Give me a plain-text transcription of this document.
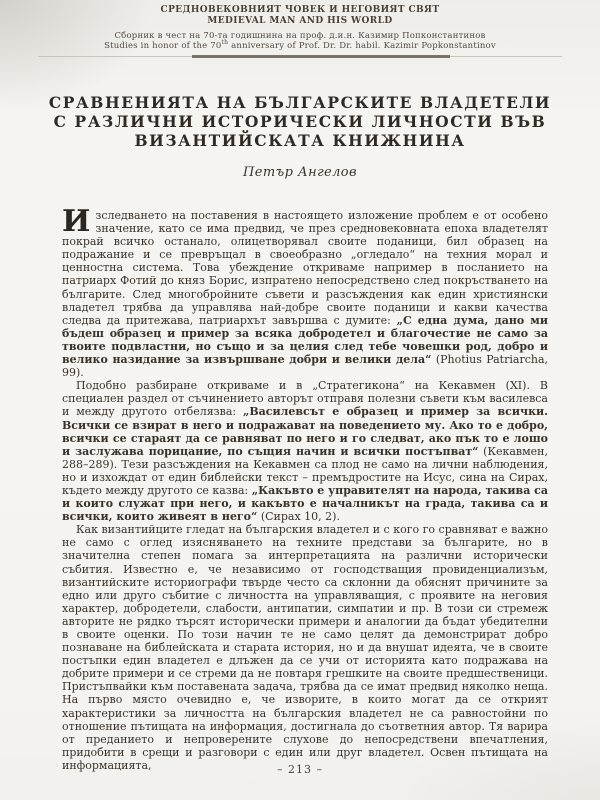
СРЕДНОВЕКОВНИЯТ ЧОВЕК И НЕГОВИЯТ СВЯТ
MEDIEVAL MAN AND HIS WORLD
Сборник в чест на 70-та годишнина на проф. д.и.н. Казимир Попконстантинов
Studies in honor of the 70th anniversary of Prof. Dr. Dr. habil. Kazimir Popkonstantinov
СРАВНЕНИЯТА НА БЪЛГАРСКИТЕ ВЛАДЕТЕЛИ
С РАЗЛИЧНИ ИСТОРИЧЕСКИ ЛИЧНОСТИ ВЪВ
ВИЗАНТИЙСКАТА КНИЖНИНА
Петър Ангелов

Изследването на поставения в настоящето изложение проблем е от особено значение, като се има предвид, че през средновековната епоха владетелят покрай всичко останало, олицетворявал своите поданици, бил образец на подражание и се превръщал в своеобразно „огледало“ на техния морал и ценностна система. Това убеждение откриваме например в посланието на патриарх Фотий до княз Борис, изпратено непосредствено след покръстването на българите. След многобройните съвети и разсъждения как един християнски владетел трябва да управлява най-добре своите поданици и какви качества следва да притежава, патриархът завършва с думите: „С една дума, дано ми бъдеш образец и пример за всяка добродетел и благочестие не само за твоите подвластни, но също и за целия след тебе човешки род, добро и велико назидание за извършване добри и велики дела“ (Photius Patriarcha, 99).

Подобно разбиране откриваме и в „Стратегикона“ на Кекавмен (XI). В специален раздел от съчинението авторът отправя полезни съвети към василевса и между другото отбелязва: „Василевсът е образец и пример за всички. Всички се взират в него и подражават на поведението му. Ако то е добро, всички се стараят да се равняват по него и го следват, ако пък то е лошо и заслужава порицание, по същия начин и всички постъпват“ (Кекавмен, 288–289). Тези разсъждения на Кекавмен са плод не само на лични наблюдения, но и изхождат от един библейски текст – премъдростите на Исус, сина на Сирах, където между другото се казва: „Какъвто е управителят на народа, такива са и които служат при него, и какъвто е началникът на града, такива са и всички, които живеят в него“ (Сирах 10, 2).

Как византийците гледат на българския владетел и с кого го сравняват е важно не само с оглед изясняването на техните представи за българите, но в значителна степен помага за интерпретацията на различни исторически събития. Известно е, че независимо от господстващия провиденциализъм, византийските историографи твърде често са склонни да обяснят причините за едно или друго събитие с личността на управляващия, с проявите на неговия характер, добродетели, слабости, антипатии, симпатии и пр. В този си стремеж авторите не рядко търсят исторически примери и аналогии да бъдат убедителни в своите оценки. По този начин те не само целят да демонстрират добро познаване на библейската и старата история, но и да внушат идеята, че в своите постъпки един владетел е длъжен да се учи от историята като подражава на добрите примери и се стреми да не повтаря грешките на своите предшественици. Пристъпвайки към поставената задача, трябва да се имат предвид няколко неща. На първо място очевидно е, че изворите, в които могат да се открият характеристики за личността на българския владетел не са равностойни по отношение пътищата на информация, достигнала до съответния автор. Тя варира от преданието и непроверените слухове до непосредствени впечатления, придобити в срещи и разговори с един или друг владетел. Освен пътищата на информацията,	– 213 –
